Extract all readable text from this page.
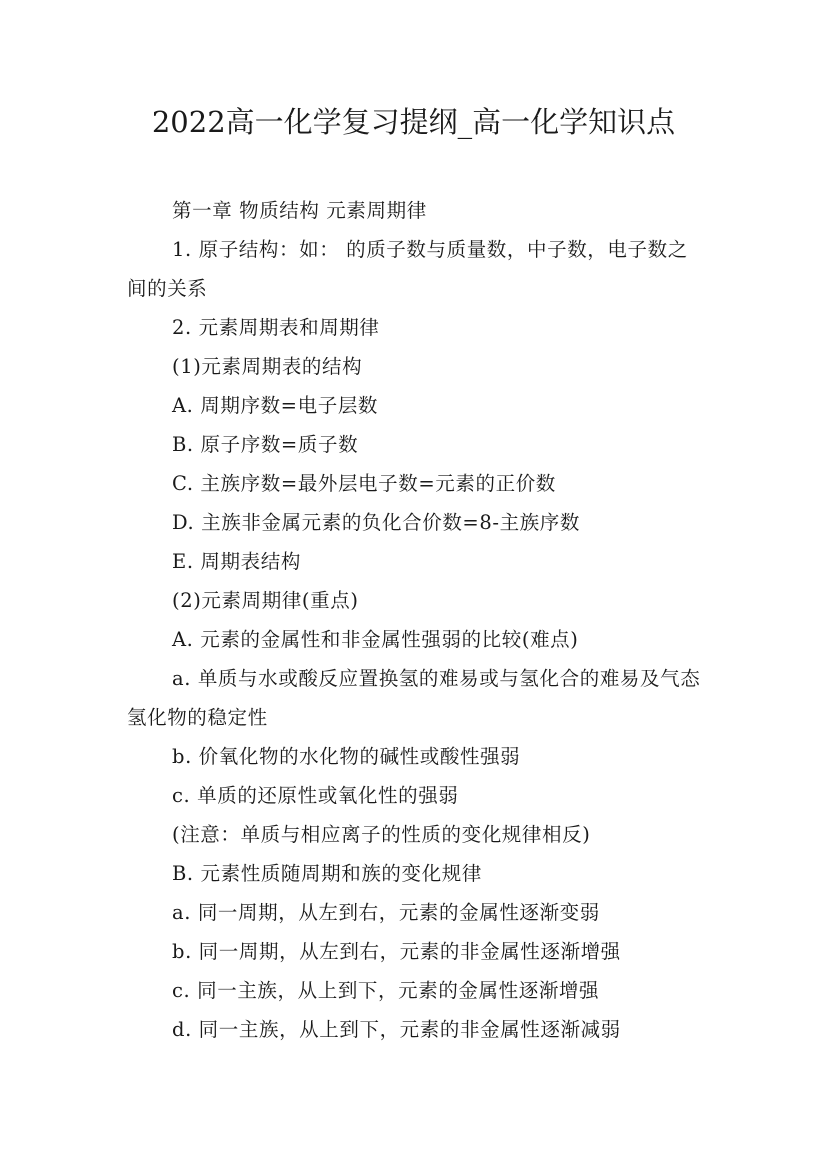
2022高一化学复习提纲_高一化学知识点

第一章 物质结构 元素周期律

1. 原子结构：如： 的质子数与质量数，中子数，电子数之间的关系

2. 元素周期表和周期律

(1)元素周期表的结构

A. 周期序数=电子层数

B. 原子序数=质子数

C. 主族序数=最外层电子数=元素的正价数

D. 主族非金属元素的负化合价数=8-主族序数

E. 周期表结构

(2)元素周期律(重点)

A. 元素的金属性和非金属性强弱的比较(难点)

a. 单质与水或酸反应置换氢的难易或与氢化合的难易及气态氢化物的稳定性

b. 价氧化物的水化物的碱性或酸性强弱

c. 单质的还原性或氧化性的强弱

(注意：单质与相应离子的性质的变化规律相反)

B. 元素性质随周期和族的变化规律

a. 同一周期，从左到右，元素的金属性逐渐变弱

b. 同一周期，从左到右，元素的非金属性逐渐增强

c. 同一主族，从上到下，元素的金属性逐渐增强

d. 同一主族，从上到下，元素的非金属性逐渐减弱
